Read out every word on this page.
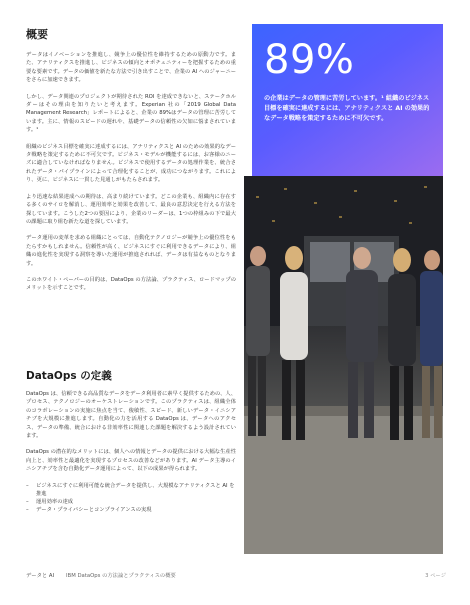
概要

データはイノベーションを推進し、競争上の優位性を維持するための原動力です。また、アナリティクスを推進し、ビジネスの傾向とオポチュニティーを把握するための重要な要素です。データの価値を新たな方法で引き出すことで、企業の AI へのジャーニーをさらに加速できます。

しかし、データ関連のプロジェクトが期待された ROI を達成できないと、ステークホルダーはその理由を知りたいと考えます。Experian 社の「2019 Global Data Management Research」レポートによると、企業の 89%はデータの管理に苦労しています。主に、情報のスピードの遅れや、基礎データの信頼性の欠如に悩まされています。¹

組織のビジネス目標を確実に達成するには、アナリティクスと AI のための効果的なデータ戦略を策定するために不可欠です。ビジネス・モデルが機能するには、お客様のニーズに適合していなければなりません。ビジネスで使用するデータの処理作業を、統合されたデータ・パイプラインによって合理化することが、成功につながります。これにより、更に、ビジネスに一貫した見通しがもたらされます。

より迅速な結果達成への期待は、高まり続けています。どこの企業も、組織内に存在する多くのサイロを解消し、運用効率と効果を改善して、最良の意思決定を行える方法を探しています。こうした2つの要因により、企業のリーダーは、1つの枠組みの下で最大の課題に取り組む新たな道を探しています。

データ運用の変革を求める組織にとっては、自動化テクノロジーが競争上の優位性をもたらすかもしれません。信頼性が高く、ビジネスにすぐに利用できるデータにより、組織の進化性を実現する洞察を導いた運用が推進されれば、データは有益なものとなります。

このホワイト・ペーパーの目的は、DataOps の方法論、プラクティス、ロードマップのメリットを示すことです。

DataOps の定義

DataOps は、信頼できる高品質なデータをデータ利用者に素早く提供するための、人、プロセス、テクノロジーのオーケストレーションです。このプラクティスは、組織全体のコラボレーションの実施に焦点を当て、俊敏性、スピード、新しいデータ・イニシアチブを大規模に推進します。自動化の力を活用する DataOps は、データへのアクセス、データの準備、統合における非効率性に関連した課題を解決するよう設計されています。

DataOps の潜在的なメリットには、個人への情報とデータの提供における大幅な生産性向上と、効率性と最適化を実現するプロセスの改善などがあります。AI データ主導のイニシアチブを含む自動化データ運用によって、以下の成果が得られます。

– ビジネスにすぐに利用可能な統合データを提供し、大規模なアナリティクスと AI を推進
– 運用効率の達成
– データ・プライバシーとコンプライアンスの実現
89%
の企業はデータの管理に苦労しています。¹ 組織のビジネス目標を確実に達成するには、アナリティクスと AI の効果的なデータ戦略を策定するために不可欠です。
データと AI IBM DataOps の方法論とプラクティスの概要	3 ページ
